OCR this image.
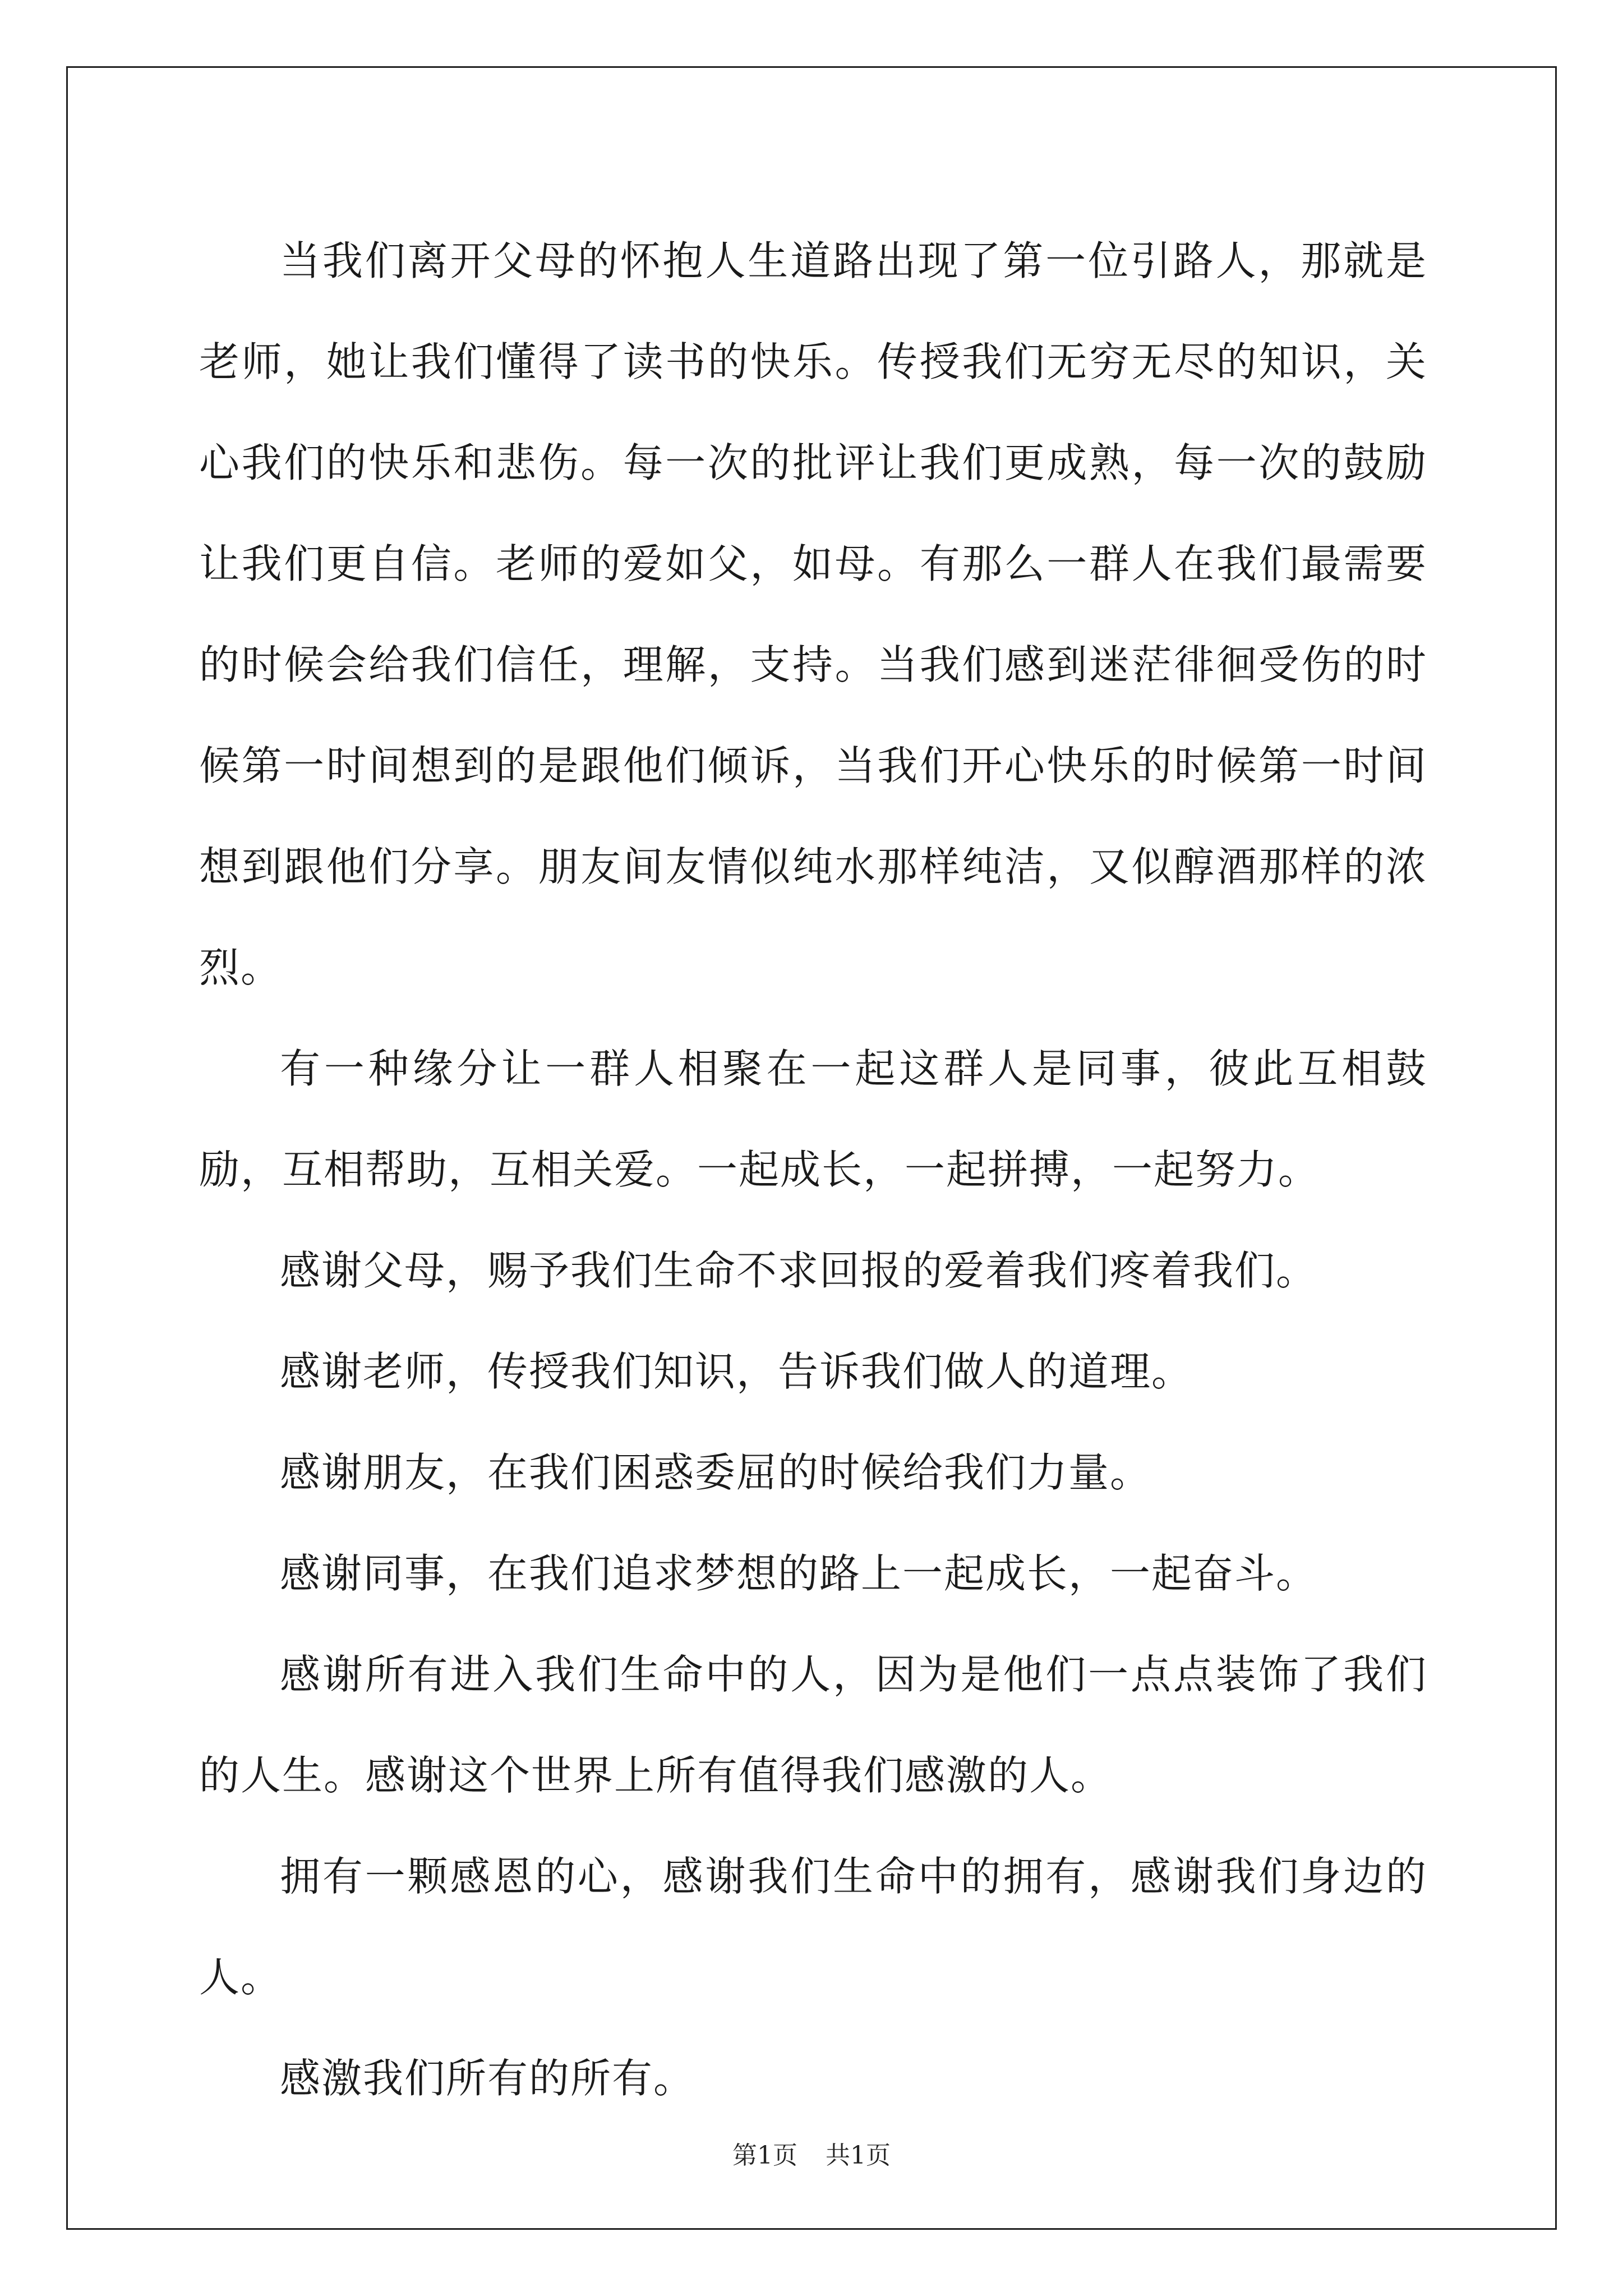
当我们离开父母的怀抱人生道路出现了第一位引路人，那就是老师，她让我们懂得了读书的快乐。传授我们无穷无尽的知识，关心我们的快乐和悲伤。每一次的批评让我们更成熟，每一次的鼓励让我们更自信。老师的爱如父，如母。有那么一群人在我们最需要的时候会给我们信任，理解，支持。当我们感到迷茫徘徊受伤的时候第一时间想到的是跟他们倾诉，当我们开心快乐的时候第一时间想到跟他们分享。朋友间友情似纯水那样纯洁，又似醇酒那样的浓烈。

有一种缘分让一群人相聚在一起这群人是同事，彼此互相鼓励，互相帮助，互相关爱。一起成长，一起拼搏，一起努力。

感谢父母，赐予我们生命不求回报的爱着我们疼着我们。

感谢老师，传授我们知识，告诉我们做人的道理。

感谢朋友，在我们困惑委屈的时候给我们力量。

感谢同事，在我们追求梦想的路上一起成长，一起奋斗。

感谢所有进入我们生命中的人，因为是他们一点点装饰了我们的人生。感谢这个世界上所有值得我们感激的人。

拥有一颗感恩的心，感谢我们生命中的拥有，感谢我们身边的人。

感激我们所有的所有。

第1页 共1页
